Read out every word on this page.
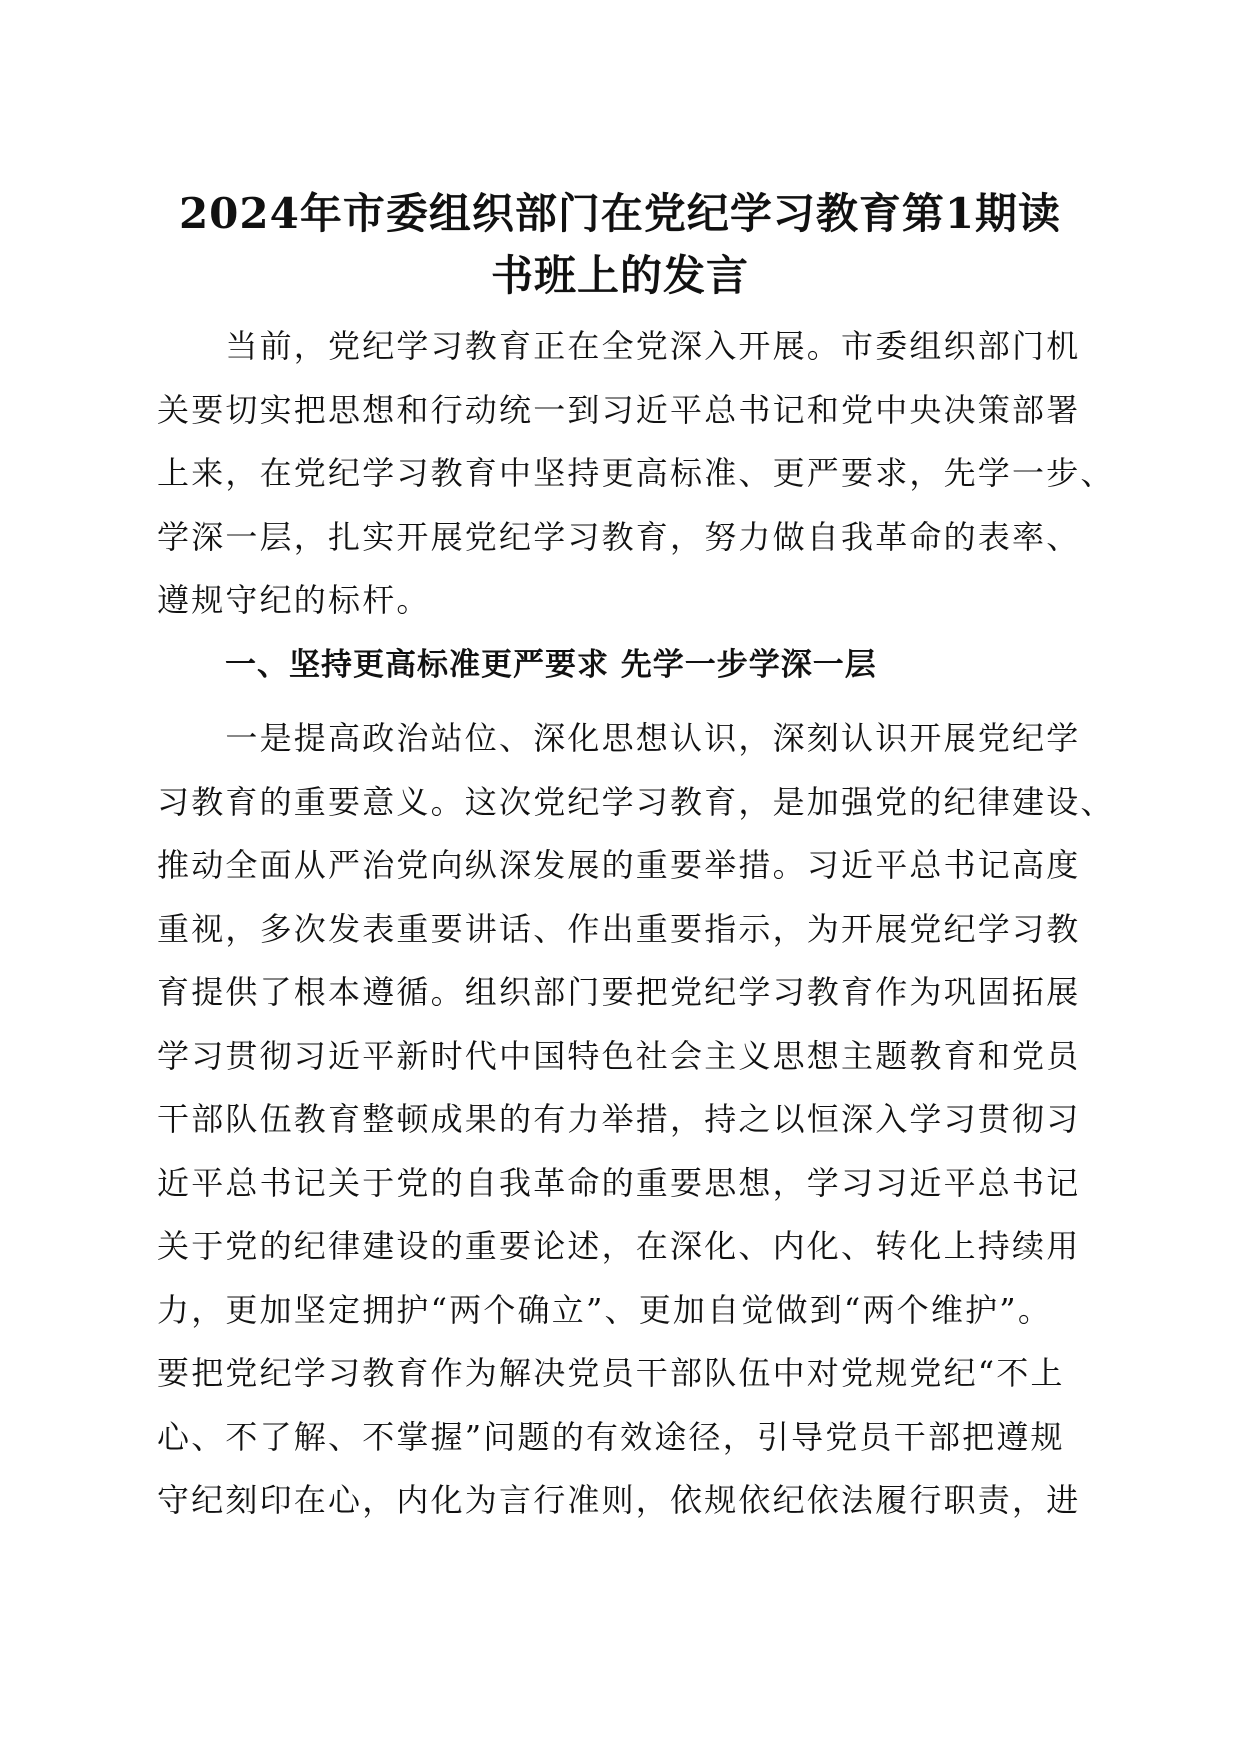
2024年市委组织部门在党纪学习教育第1期读
书班上的发言
　　当前，党纪学习教育正在全党深入开展。市委组织部门机
关要切实把思想和行动统一到习近平总书记和党中央决策部署
上来，在党纪学习教育中坚持更高标准、更严要求，先学一步、
学深一层，扎实开展党纪学习教育，努力做自我革命的表率、
遵规守纪的标杆。
一、坚持更高标准更严要求 先学一步学深一层
　　一是提高政治站位、深化思想认识，深刻认识开展党纪学
习教育的重要意义。这次党纪学习教育，是加强党的纪律建设、
推动全面从严治党向纵深发展的重要举措。习近平总书记高度
重视，多次发表重要讲话、作出重要指示，为开展党纪学习教
育提供了根本遵循。组织部门要把党纪学习教育作为巩固拓展
学习贯彻习近平新时代中国特色社会主义思想主题教育和党员
干部队伍教育整顿成果的有力举措，持之以恒深入学习贯彻习
近平总书记关于党的自我革命的重要思想，学习习近平总书记
关于党的纪律建设的重要论述，在深化、内化、转化上持续用
力，更加坚定拥护“两个确立”、更加自觉做到“两个维护”。
要把党纪学习教育作为解决党员干部队伍中对党规党纪“不上
心、不了解、不掌握”问题的有效途径，引导党员干部把遵规
守纪刻印在心，内化为言行准则，依规依纪依法履行职责，进
